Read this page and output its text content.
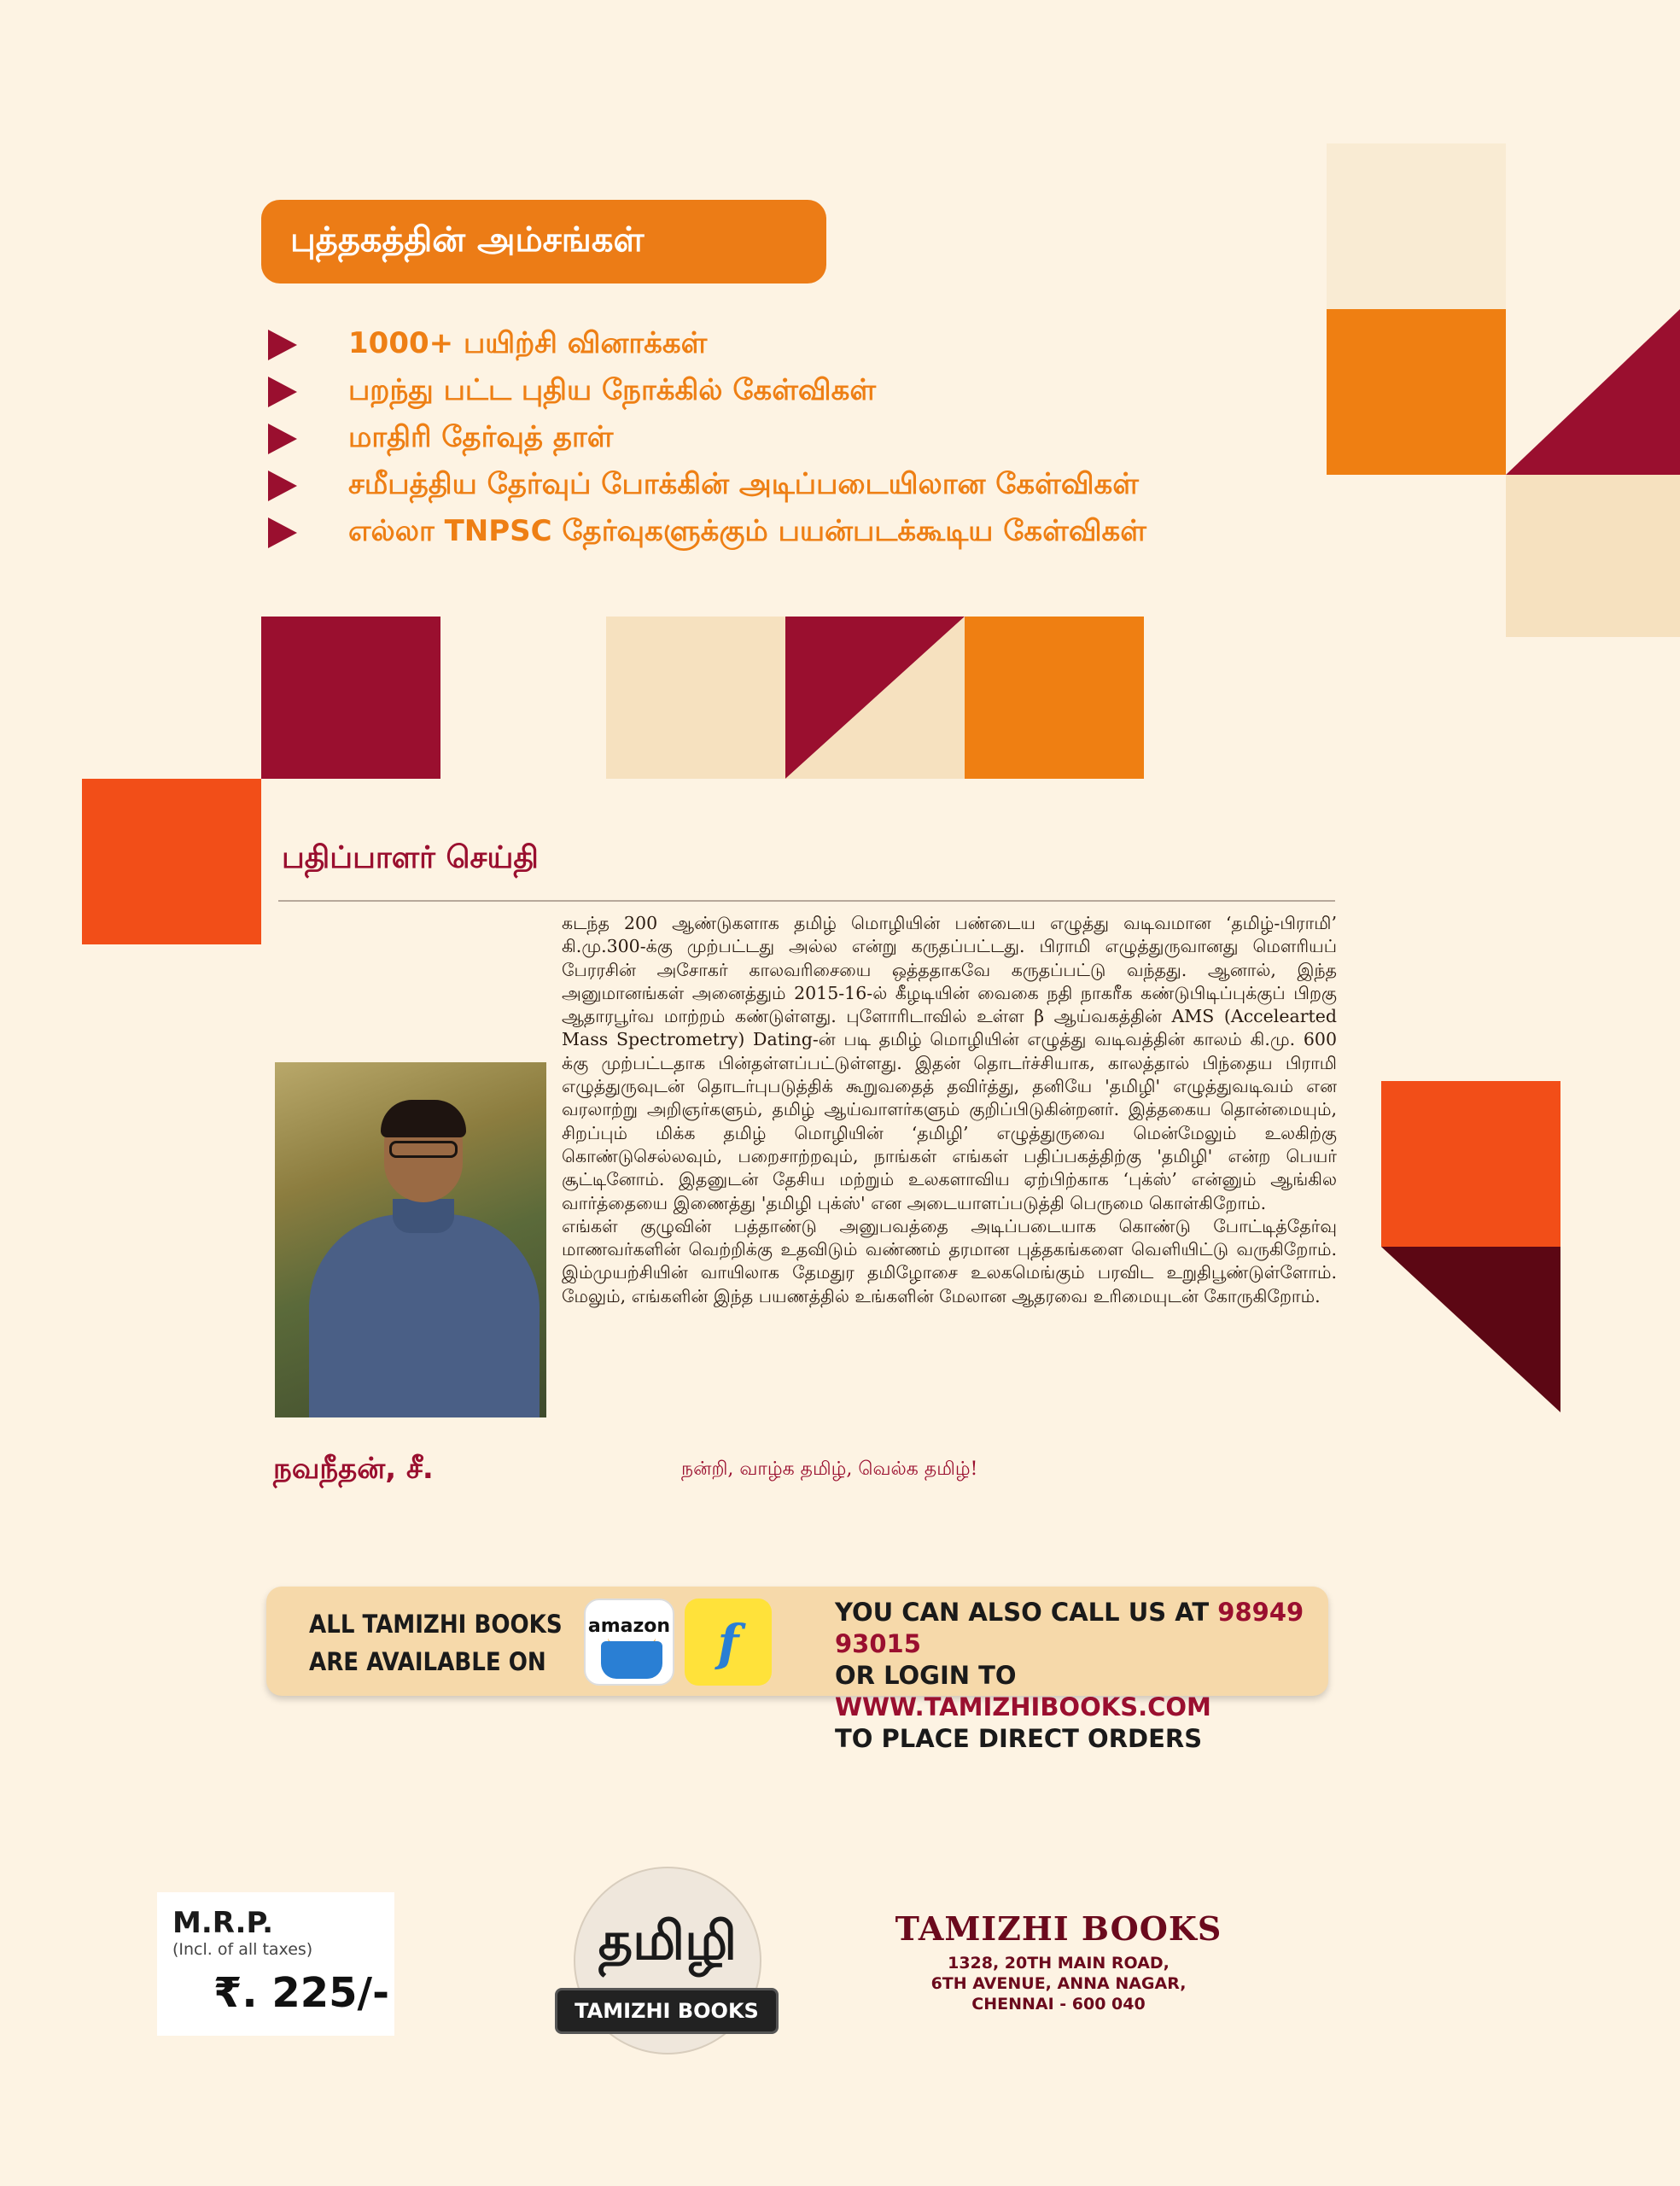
புத்தகத்தின் அம்சங்கள்
1000+ பயிற்சி வினாக்கள்
பறந்து பட்ட புதிய நோக்கில் கேள்விகள்
மாதிரி தேர்வுத் தாள்
சமீபத்திய தேர்வுப் போக்கின் அடிப்படையிலான கேள்விகள்
எல்லா TNPSC தேர்வுகளுக்கும் பயன்படக்கூடிய கேள்விகள்
பதிப்பாளர் செய்தி

கடந்த 200 ஆண்டுகளாக தமிழ் மொழியின் பண்டைய எழுத்து வடிவமான ‘தமிழ்-பிராமி’ கி.மு.300-க்கு முற்பட்டது அல்ல என்று கருதப்பட்டது. பிராமி எழுத்துருவானது மௌரியப் பேரரசின் அசோகர் காலவரிசையை ஒத்ததாகவே கருதப்பட்டு வந்தது. ஆனால், இந்த அனுமானங்கள் அனைத்தும் 2015-16-ல் கீழடியின் வைகை நதி நாகரீக கண்டுபிடிப்புக்குப் பிறகு ஆதாரபூர்வ மாற்றம் கண்டுள்ளது. புளோரிடாவில் உள்ள β ஆய்வகத்தின் AMS (Accelearted Mass Spectrometry) Dating-ன் படி தமிழ் மொழியின் எழுத்து வடிவத்தின் காலம் கி.மு. 600 க்கு முற்பட்டதாக பின்தள்ளப்பட்டுள்ளது. இதன் தொடர்ச்சியாக, காலத்தால் பிந்தைய பிராமி எழுத்துருவுடன் தொடர்புபடுத்திக் கூறுவதைத் தவிர்த்து, தனியே 'தமிழி' எழுத்துவடிவம் என வரலாற்று அறிஞர்களும், தமிழ் ஆய்வாளர்களும் குறிப்பிடுகின்றனர். இத்தகைய தொன்மையும், சிறப்பும் மிக்க தமிழ் மொழியின் ‘தமிழி’ எழுத்துருவை மென்மேலும் உலகிற்கு கொண்டுசெல்லவும், பறைசாற்றவும், நாங்கள் எங்கள் பதிப்பகத்திற்கு 'தமிழி' என்ற பெயர் சூட்டினோம். இதனுடன் தேசிய மற்றும் உலகளாவிய ஏற்பிற்காக ‘புக்ஸ்’ என்னும் ஆங்கில வார்த்தையை இணைத்து 'தமிழி புக்ஸ்' என அடையாளப்படுத்தி பெருமை கொள்கிறோம்.

எங்கள் குழுவின் பத்தாண்டு அனுபவத்தை அடிப்படையாக கொண்டு போட்டித்தேர்வு மாணவர்களின் வெற்றிக்கு உதவிடும் வண்ணம் தரமான புத்தகங்களை வெளியிட்டு வருகிறோம். இம்முயற்சியின் வாயிலாக தேமதுர தமிழோசை உலகமெங்கும் பரவிட உறுதிபூண்டுள்ளோம். மேலும், எங்களின் இந்த பயணத்தில் உங்களின் மேலான ஆதரவை உரிமையுடன் கோருகிறோம்.

நவநீதன், சீ.	நன்றி, வாழ்க தமிழ், வெல்க தமிழ்!
ALL TAMIZHI BOOKS
ARE AVAILABLE ON
amazon f
YOU CAN ALSO CALL US AT 98949 93015
OR LOGIN TO WWW.TAMIZHIBOOKS.COM
TO PLACE DIRECT ORDERS
M.R.P.
(Incl. of all taxes)
₹. 225/-
தமிழி
TAMIZHI BOOKS
TAMIZHI BOOKS
1328, 20TH MAIN ROAD,
6TH AVENUE, ANNA NAGAR,
CHENNAI - 600 040
